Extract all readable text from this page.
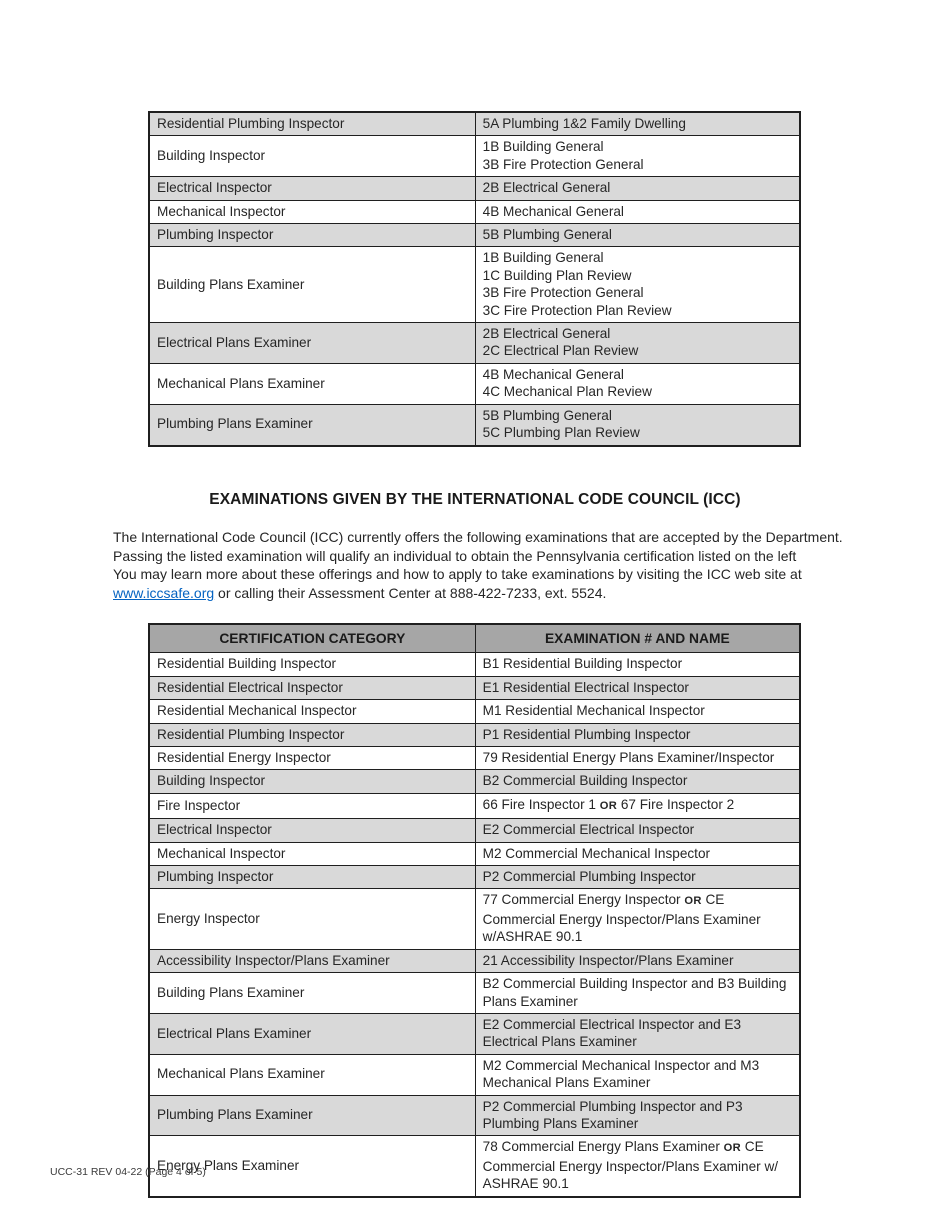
Residential Plumbing Inspector	5A Plumbing 1&2 Family Dwelling

Building Inspector	1B Building General
3B Fire Protection General

Electrical Inspector	2B Electrical General

Mechanical Inspector	4B Mechanical General

Plumbing Inspector	5B Plumbing General

Building Plans Examiner	1B Building General
1C Building Plan Review
3B Fire Protection General
3C Fire Protection Plan Review

Electrical Plans Examiner	2B Electrical General
2C Electrical Plan Review

Mechanical Plans Examiner	4B Mechanical General
4C Mechanical Plan Review

Plumbing Plans Examiner	5B Plumbing General
5C Plumbing Plan Review
EXAMINATIONS GIVEN BY THE INTERNATIONAL CODE COUNCIL (ICC)
The International Code Council (ICC) currently offers the following examinations that are accepted by the Department.
Passing the listed examination will qualify an individual to obtain the Pennsylvania certification listed on the left
You may learn more about these offerings and how to apply to take examinations by visiting the ICC web site at
www.iccsafe.org or calling their Assessment Center at 888-422-7233, ext. 5524.
CERTIFICATION CATEGORY	EXAMINATION # AND NAME
Residential Building Inspector	B1 Residential Building Inspector

Residential Electrical Inspector	E1 Residential Electrical Inspector

Residential Mechanical Inspector	M1 Residential Mechanical Inspector

Residential Plumbing Inspector	P1 Residential Plumbing Inspector

Residential Energy Inspector	79 Residential Energy Plans Examiner/Inspector

Building Inspector	B2 Commercial Building Inspector

Fire Inspector	66 Fire Inspector 1 OR 67 Fire Inspector 2

Electrical Inspector	E2 Commercial Electrical Inspector

Mechanical Inspector	M2 Commercial Mechanical Inspector

Plumbing Inspector	P2 Commercial Plumbing Inspector

Energy Inspector	77 Commercial Energy Inspector OR CE Commercial Energy Inspector/Plans Examiner w/ASHRAE 90.1

Accessibility Inspector/Plans Examiner	21 Accessibility Inspector/Plans Examiner

Building Plans Examiner	B2 Commercial Building Inspector and B3 Building Plans Examiner

Electrical Plans Examiner	E2 Commercial Electrical Inspector and E3 Electrical Plans Examiner

Mechanical Plans Examiner	M2 Commercial Mechanical Inspector and M3 Mechanical Plans Examiner

Plumbing Plans Examiner	P2 Commercial Plumbing Inspector and P3 Plumbing Plans Examiner

Energy Plans Examiner	78 Commercial Energy Plans Examiner OR CE Commercial Energy Inspector/Plans Examiner w/ ASHRAE 90.1
UCC-31 REV 04-22 (Page 4 of 5)
